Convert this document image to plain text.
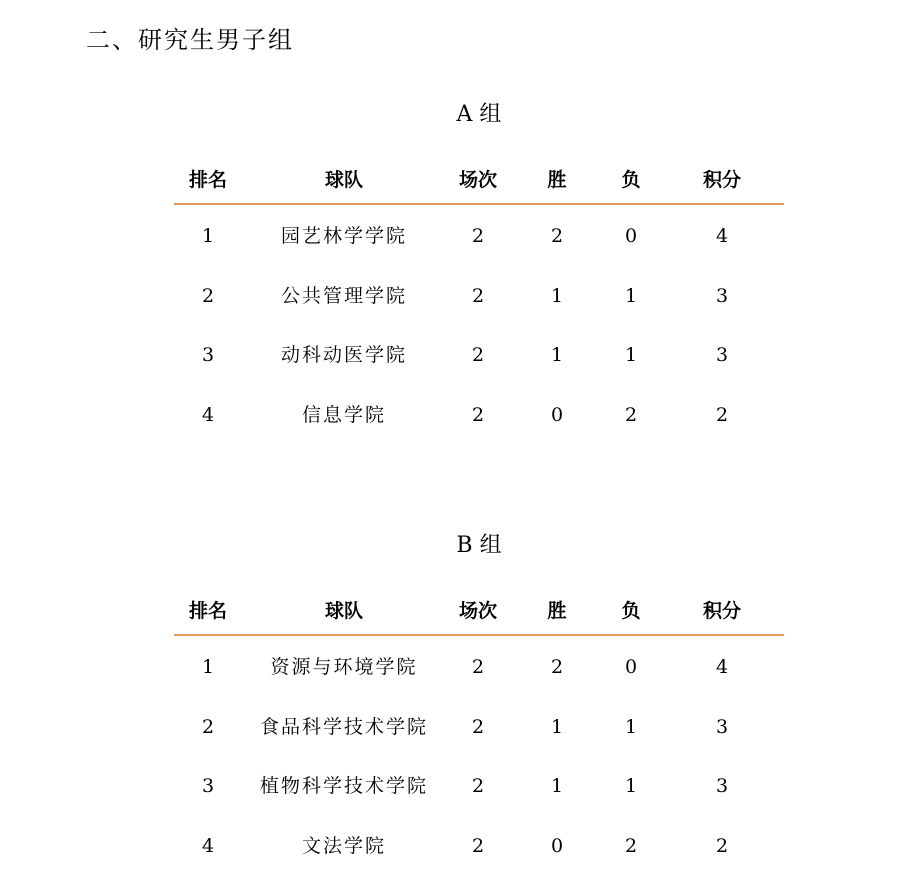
二、研究生男子组
A 组
排名	球队	场次	胜	负	积分
1	园艺林学学院	2	2	0	4
2	公共管理学院	2	1	1	3
3	动科动医学院	2	1	1	3
4	信息学院	2	0	2	2
B 组
排名	球队	场次	胜	负	积分
1	资源与环境学院	2	2	0	4
2 食品科学技术学院 2	1	1	3
3 植物科学技术学院 2	1	1	3
4	文法学院	2	0	2	2
